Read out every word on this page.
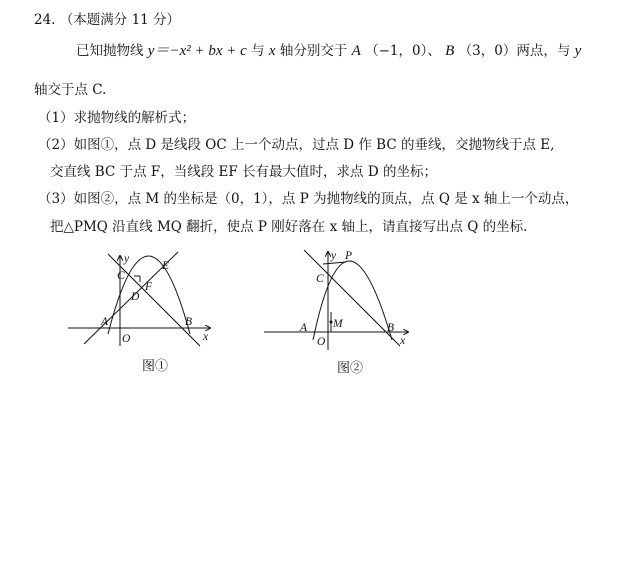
24. （本题满分 11 分）
已知抛物线 y＝−x² + bx + c 与 x 轴分别交于 A （−1，0）、 B （3，0）两点，与 y
轴交于点 C.
（1）求抛物线的解析式；
（2）如图①，点 D 是线段 OC 上一个动点，过点 D 作 BC 的垂线，交抛物线于点 E,
交直线 BC 于点 F，当线段 EF 长有最大值时，求点 D 的坐标；
（3）如图②，点 M 的坐标是（0，1），点 P 为抛物线的顶点，点 Q 是 x 轴上一个动点，
把△PMQ 沿直线 MQ 翻折，使点 P 刚好落在 x 轴上，请直接写出点 Q 的坐标.
y
x
C
E
F
D
A
O
B
图①
y P
C
M
A
O
B
x
图②
